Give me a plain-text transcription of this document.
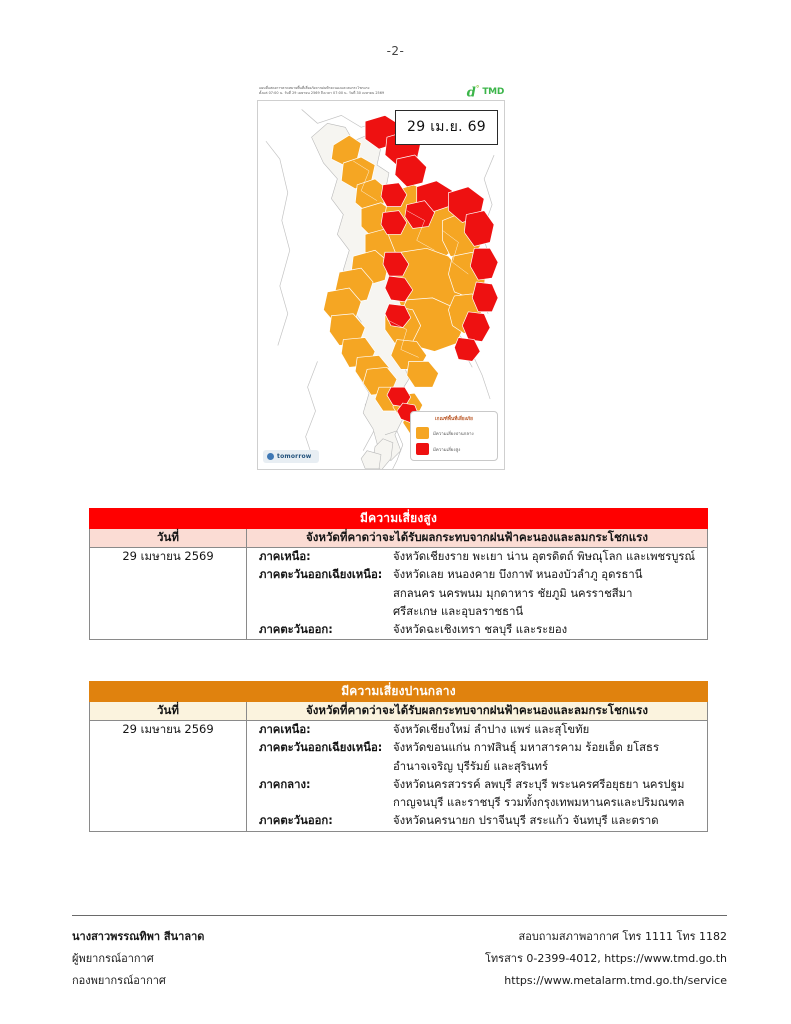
-2-
แผนที่แสดงการคาดหมายพื้นที่เสี่ยงภัยจากฝนฟ้าคะนองและลมกระโชกแรง
ตั้งแต่ 07:00 น. วันที่ 29 เมษายน 2569 ถึงเวลา 07:00 น. วันที่ 30 เมษายน 2569	d° TMD
29 เม.ย. 69
เกณฑ์พื้นที่เสี่ยงภัย
มีความเสี่ยงปานกลาง
มีความเสี่ยงสูง
tomorrow
มีความเสี่ยงสูง	
วันที่	จังหวัดที่คาดว่าจะได้รับผลกระทบจากฝนฟ้าคะนองและลมกระโชกแรง
29 เมษายน 2569	ภาคเหนือ:	จังหวัดเชียงราย พะเยา น่าน อุตรดิตถ์ พิษณุโลก และเพชรบูรณ์
ภาคตะวันออกเฉียงเหนือ: จังหวัดเลย หนองคาย บึงกาฬ หนองบัวลำภู อุดรธานี
สกลนคร นครพนม มุกดาหาร ชัยภูมิ นครราชสีมา
ศรีสะเกษ และอุบลราชธานี
ภาคตะวันออก:	จังหวัดฉะเชิงเทรา ชลบุรี และระยอง
มีความเสี่ยงปานกลาง	
วันที่	จังหวัดที่คาดว่าจะได้รับผลกระทบจากฝนฟ้าคะนองและลมกระโชกแรง
29 เมษายน 2569	ภาคเหนือ:	จังหวัดเชียงใหม่ ลำปาง แพร่ และสุโขทัย
ภาคตะวันออกเฉียงเหนือ: จังหวัดขอนแก่น กาฬสินธุ์ มหาสารคาม ร้อยเอ็ด ยโสธร
อำนาจเจริญ บุรีรัมย์ และสุรินทร์
ภาคกลาง:	จังหวัดนครสวรรค์ ลพบุรี สระบุรี พระนครศรีอยุธยา นครปฐม
กาญจนบุรี และราชบุรี รวมทั้งกรุงเทพมหานครและปริมณฑล
ภาคตะวันออก:	จังหวัดนครนายก ปราจีนบุรี สระแก้ว จันทบุรี และตราด
นางสาวพรรณทิพา สีนาลาด
ผู้พยากรณ์อากาศ
กองพยากรณ์อากาศ
สอบถามสภาพอากาศ โทร 1111 โทร 1182
โทรสาร 0-2399-4012, https://www.tmd.go.th
https://www.metalarm.tmd.go.th/service
